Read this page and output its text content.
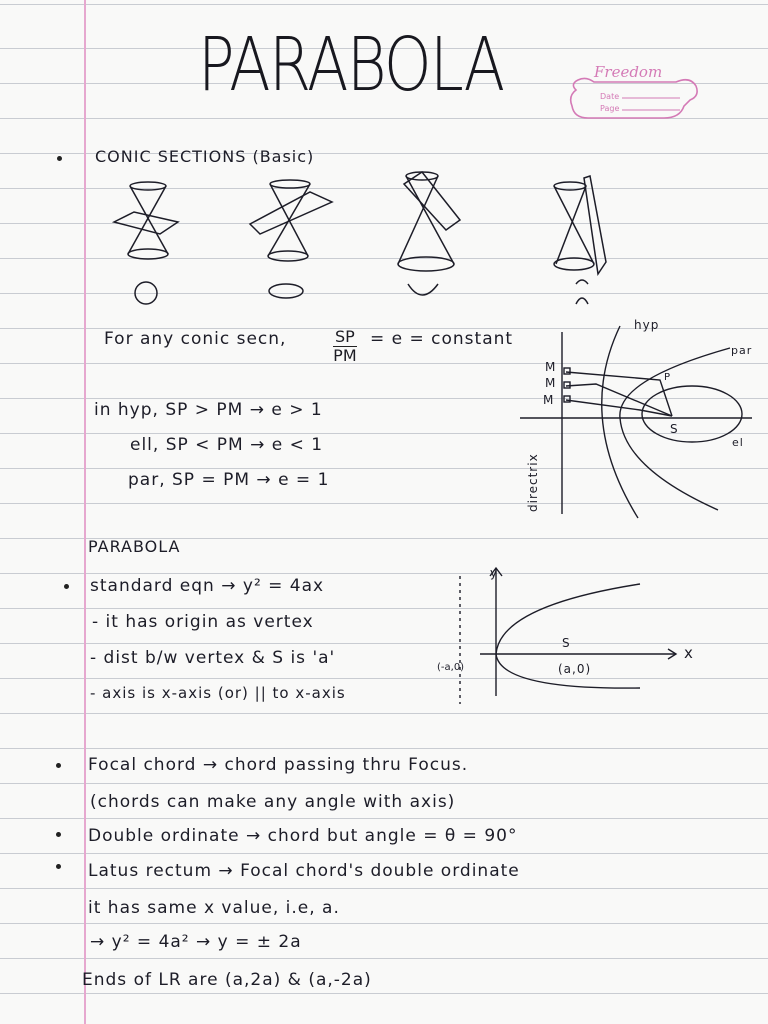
PARABOLA	Freedom
Date
Page
CONIC SECTIONS (Basic)
For any conic secn,	$\frac{SP}{PM} = e$ = constant
in hyp, SP > PM → e > 1
ell, SP < PM → e < 1
par, SP = PM → e = 1	directrix
M
M
M
hyp
par
el
S
P
PARABOLA
standard eqn → y² = 4ax
- it has origin as vertex
- dist b/w vertex & S is 'a'
- axis is x-axis (or) || to x-axis
y
x
S
(a,0)
(-a,0)
Focal chord → chord passing thru Focus.
(chords can make any angle with axis)
Double ordinate → chord but angle = θ = 90°
Latus rectum → Focal chord's double ordinate
it has same x value, i.e, a.
→ y² = 4a² → y = ± 2a
Ends of LR are (a,2a) & (a,-2a)
